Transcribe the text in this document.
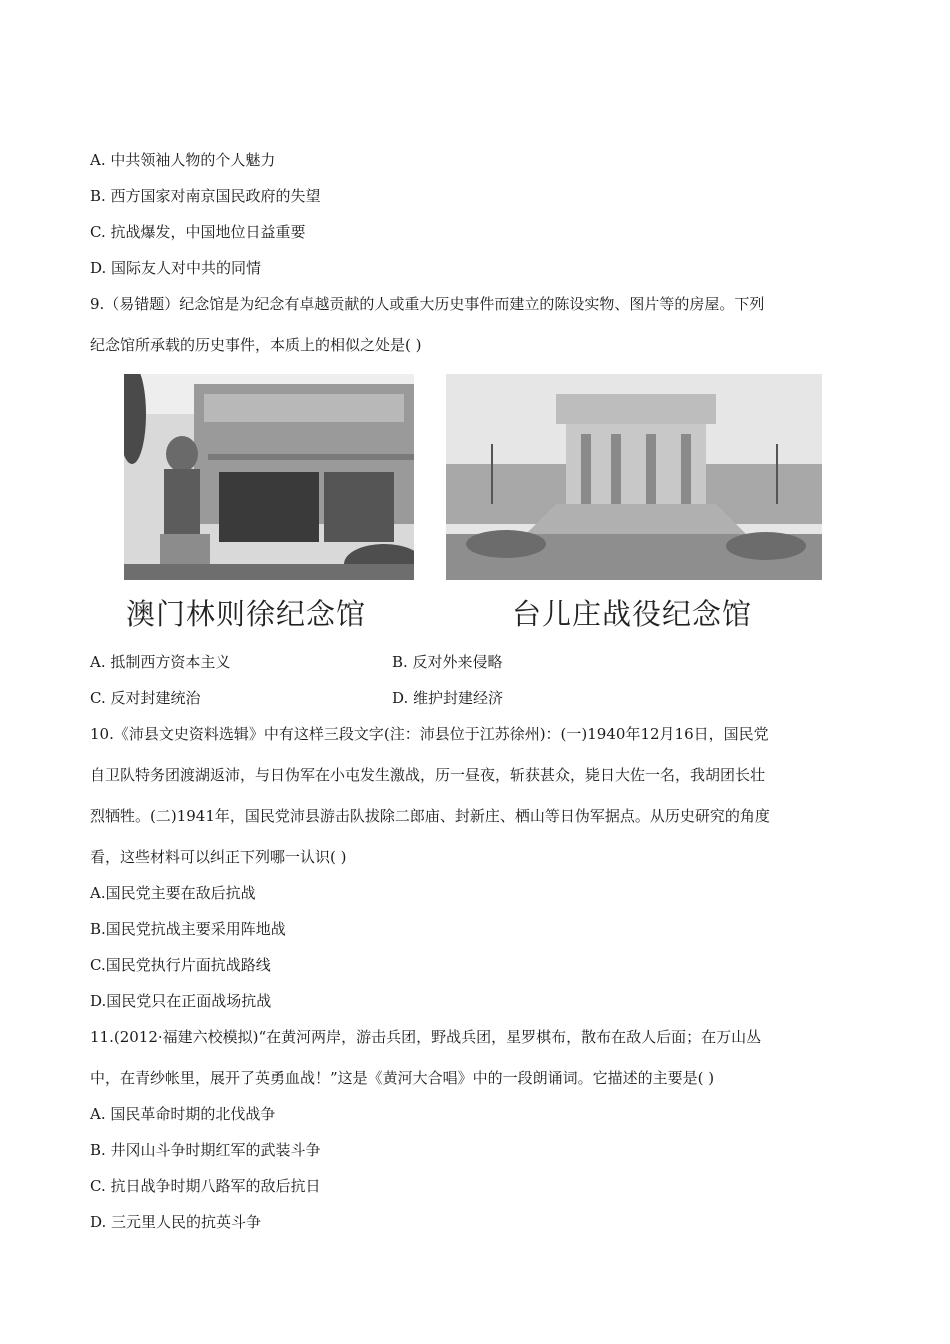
A. 中共领袖人物的个人魅力
B. 西方国家对南京国民政府的失望
C. 抗战爆发，中国地位日益重要
D. 国际友人对中共的同情
9.（易错题）纪念馆是为纪念有卓越贡献的人或重大历史事件而建立的陈设实物、图片等的房屋。下列
纪念馆所承载的历史事件，本质上的相似之处是( )
澳门林则徐纪念馆	台儿庄战役纪念馆
A. 抵制西方资本主义	B. 反对外来侵略
C. 反对封建统治	D. 维护封建经济
10.《沛县文史资料选辑》中有这样三段文字(注：沛县位于江苏徐州)：(一)1940年12月16日，国民党
自卫队特务团渡湖返沛，与日伪军在小屯发生激战，历一昼夜，斩获甚众，毙日大佐一名，我胡团长壮
烈牺牲。(二)1941年，国民党沛县游击队拔除二郎庙、封新庄、栖山等日伪军据点。从历史研究的角度
看，这些材料可以纠正下列哪一认识( )
A.国民党主要在敌后抗战
B.国民党抗战主要采用阵地战
C.国民党执行片面抗战路线
D.国民党只在正面战场抗战
11.(2012·福建六校模拟)“在黄河两岸，游击兵团，野战兵团，星罗棋布，散布在敌人后面；在万山丛
中，在青纱帐里，展开了英勇血战！”这是《黄河大合唱》中的一段朗诵词。它描述的主要是( )
A. 国民革命时期的北伐战争
B. 井冈山斗争时期红军的武装斗争
C. 抗日战争时期八路军的敌后抗日
D. 三元里人民的抗英斗争
